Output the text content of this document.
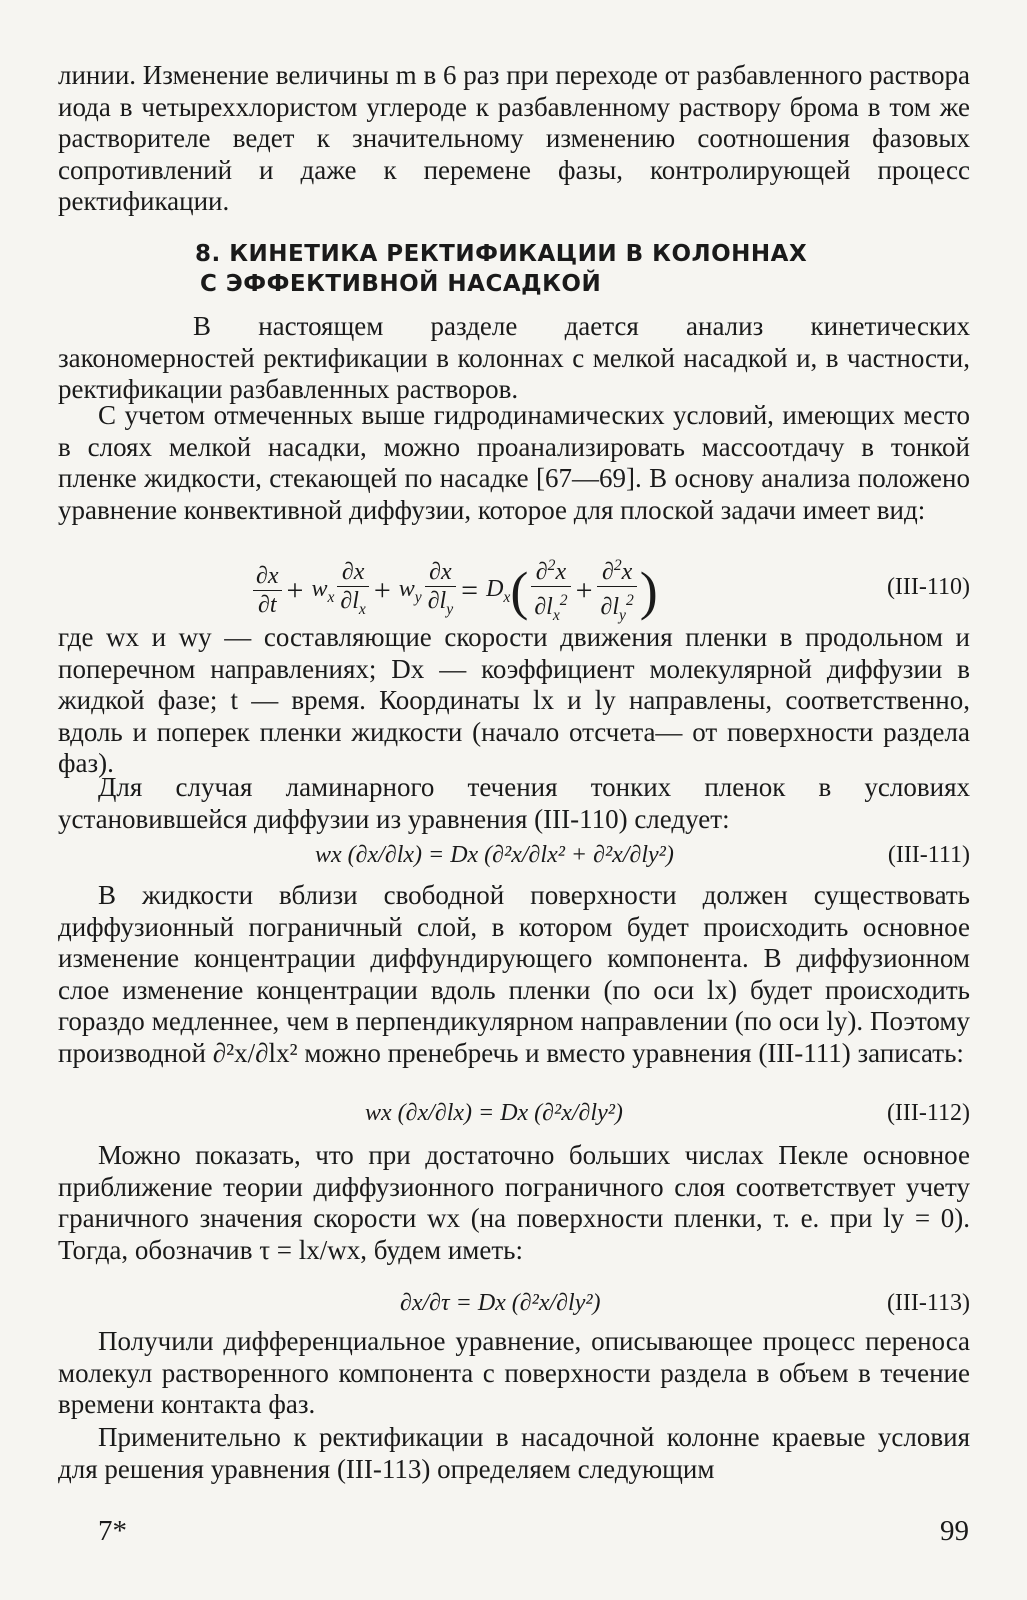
линии. Изменение величины m в 6 раз при переходе от разбавленного раствора иода в четыреххлористом углероде к разбавленному раствору брома в том же растворителе ведет к значительному изменению соотношения фазовых сопротивлений и даже к перемене фазы, контролирующей процесс ректификации.

8. КИНЕТИКА РЕКТИФИКАЦИИ В КОЛОННАХ
С ЭФФЕКТИВНОЙ НАСАДКОЙ

В настоящем разделе дается анализ кинетических закономерностей ректификации в колоннах с мелкой насадкой и, в частности, ректификации разбавленных растворов.

С учетом отмеченных выше гидродинамических условий, имеющих место в слоях мелкой насадки, можно проанализировать массоотдачу в тонкой пленке жидкости, стекающей по насадке [67—69]. В основу анализа положено уравнение конвективной диффузии, которое для плоской задачи имеет вид:

$\frac{\partial x}{\partial t} + w_x \frac{\partial x}{\partial l_x} + w_y \frac{\partial x}{\partial l_y} = D_x( \frac{\partial^2x}{\partial l_x^2} + \frac{\partial^2x}{\partial l_y^2}$ )	(III-110)

где wx и wy — составляющие скорости движения пленки в продольном и поперечном направлениях; Dx — коэффициент молекулярной диффузии в жидкой фазе; t — время. Координаты lx и ly направлены, соответственно, вдоль и поперек пленки жидкости (начало отсчета— от поверхности раздела фаз).

Для случая ламинарного течения тонких пленок в условиях установившейся диффузии из уравнения (III-110) следует:

wx (∂x/∂lx) = Dx (∂²x/∂lx² + ∂²x/∂ly²)	(III-111)

В жидкости вблизи свободной поверхности должен существовать диффузионный пограничный слой, в котором будет происходить основное изменение концентрации диффундирующего компонента. В диффузионном слое изменение концентрации вдоль пленки (по оси lx) будет происходить гораздо медленнее, чем в перпендикулярном направлении (по оси ly). Поэтому производной ∂²x/∂lx² можно пренебречь и вместо уравнения (III-111) записать:

wx (∂x/∂lx) = Dx (∂²x/∂ly²)	(III-112)

Можно показать, что при достаточно больших числах Пекле основное приближение теории диффузионного пограничного слоя соответствует учету граничного значения скорости wx (на поверхности пленки, т. е. при ly = 0). Тогда, обозначив τ = lx/wx, будем иметь:

∂x/∂τ = Dx (∂²x/∂ly²)	(III-113)

Получили дифференциальное уравнение, описывающее процесс переноса молекул растворенного компонента с поверхности раздела в объем в течение времени контакта фаз.

Применительно к ректификации в насадочной колонне краевые условия для решения уравнения (III-113) определяем следующим

7*	99
